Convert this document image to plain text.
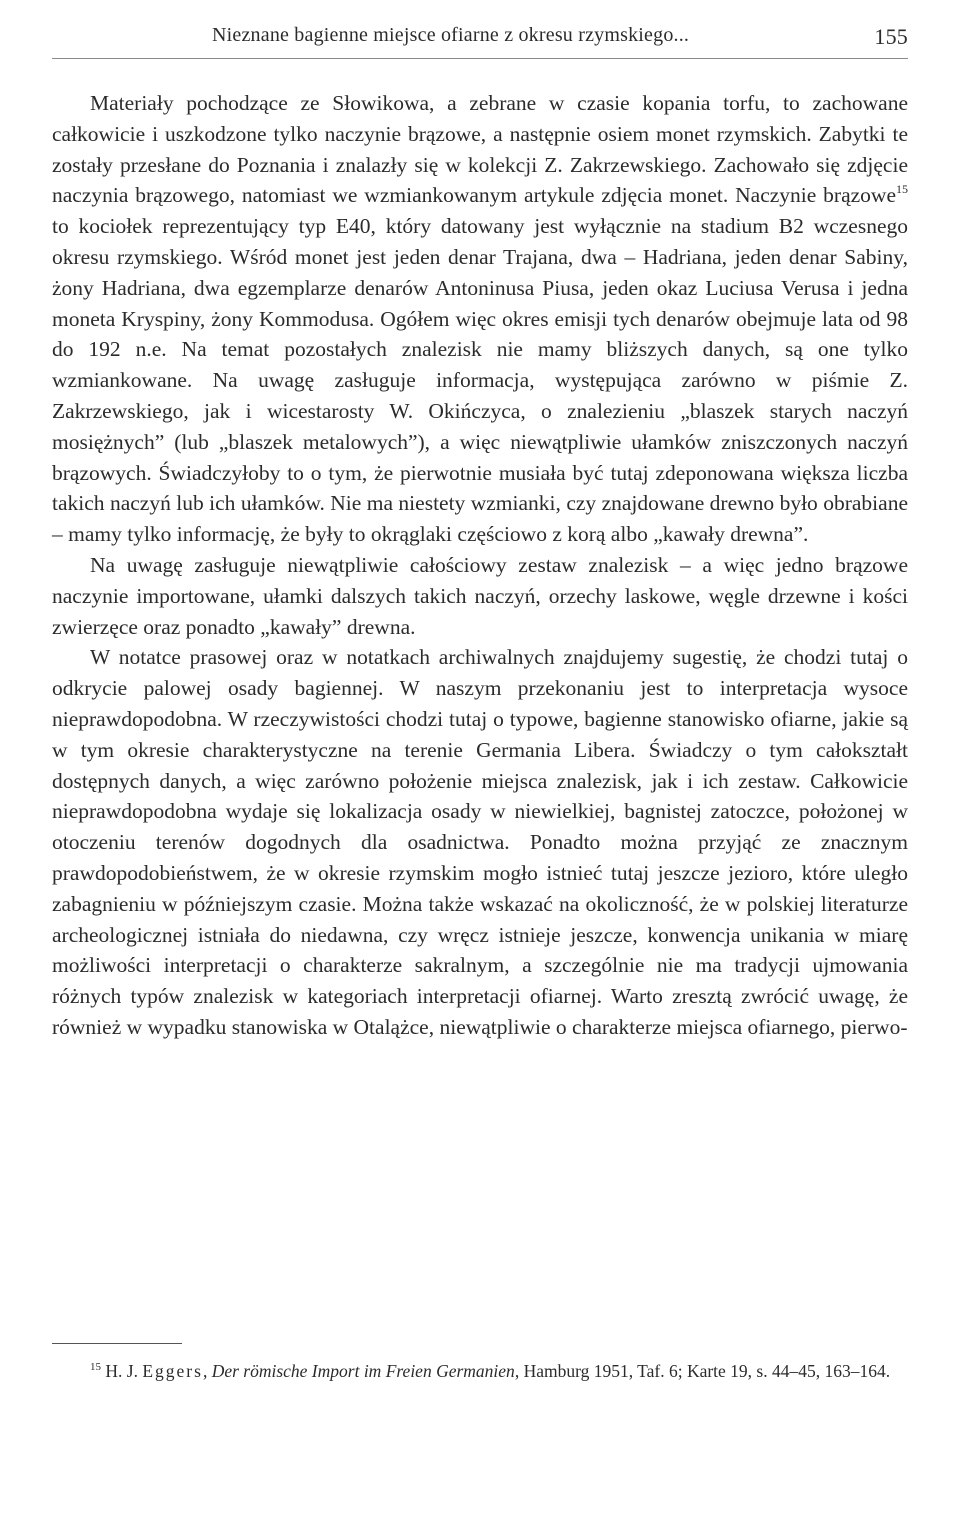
Nieznane bagienne miejsce ofiarne z okresu rzymskiego...	155

Materiały pochodzące ze Słowikowa, a zebrane w czasie kopania torfu, to zachowane całkowicie i uszkodzone tylko naczynie brązowe, a następnie osiem monet rzymskich. Zabytki te zostały przesłane do Poznania i znalazły się w kolekcji Z. Zakrzewskiego. Zachowało się zdjęcie naczynia brązowego, natomiast we wzmiankowanym artykule zdjęcia monet. Naczynie brązowe$^{15}$ to kociołek reprezentujący typ E40, który datowany jest wyłącznie na stadium B2 wczesnego okresu rzymskiego. Wśród monet jest jeden denar Trajana, dwa – Hadriana, jeden denar Sabiny, żony Hadriana, dwa egzemplarze denarów Antoninusa Piusa, jeden okaz Luciusa Verusa i jedna moneta Kryspiny, żony Kommodusa. Ogółem więc okres emisji tych denarów obejmuje lata od 98 do 192 n.e. Na temat pozostałych znalezisk nie mamy bliższych danych, są one tylko wzmiankowane. Na uwagę zasługuje informacja, występująca zarówno w piśmie Z. Zakrzewskiego, jak i wicestarosty W. Okińczyca, o znalezieniu „blaszek starych naczyń mosiężnych” (lub „blaszek metalowych”), a więc niewątpliwie ułamków zniszczonych naczyń brązowych. Świadczyłoby to o tym, że pierwotnie musiała być tutaj zdeponowana większa liczba takich naczyń lub ich ułamków. Nie ma niestety wzmianki, czy znajdowane drewno było obrabiane – mamy tylko informację, że były to okrąglaki częściowo z korą albo „kawały drewna”.

Na uwagę zasługuje niewątpliwie całościowy zestaw znalezisk – a więc jedno brązowe naczynie importowane, ułamki dalszych takich naczyń, orzechy laskowe, węgle drzewne i kości zwierzęce oraz ponadto „kawały” drewna.

W notatce prasowej oraz w notatkach archiwalnych znajdujemy sugestię, że chodzi tutaj o odkrycie palowej osady bagiennej. W naszym przekonaniu jest to interpretacja wysoce nieprawdopodobna. W rzeczywistości chodzi tutaj o typowe, bagienne stanowisko ofiarne, jakie są w tym okresie charakterystyczne na terenie Germania Libera. Świadczy o tym całokształt dostępnych danych, a więc zarówno położenie miejsca znalezisk, jak i ich zestaw. Całkowicie nieprawdopodobna wydaje się lokalizacja osady w niewielkiej, bagnistej zatoczce, położonej w otoczeniu terenów dogodnych dla osadnictwa. Ponadto można przyjąć ze znacznym prawdopodobieństwem, że w okresie rzymskim mogło istnieć tutaj jeszcze jezioro, które uległo zabagnieniu w późniejszym czasie. Można także wskazać na okoliczność, że w polskiej literaturze archeologicznej istniała do niedawna, czy wręcz istnieje jeszcze, konwencja unikania w miarę możliwości interpretacji o charakterze sakralnym, a szczególnie nie ma tradycji ujmowania różnych typów znalezisk w kategoriach interpretacji ofiarnej. Warto zresztą zwrócić uwagę, że również w wypadku stanowiska w Otalążce, niewątpliwie o charakterze miejsca ofiarnego, pierwo-

$^{15}$ H. J. Eggers, Der römische Import im Freien Germanien, Hamburg 1951, Taf. 6; Karte 19, s. 44–45, 163–164.
